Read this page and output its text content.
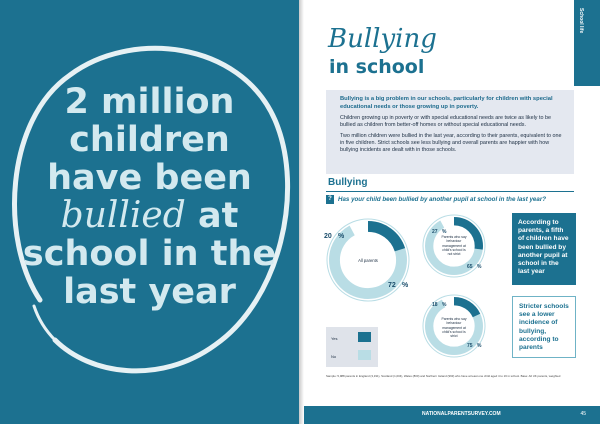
2 million
children
have been
bullied at
school in the
last year
School life
Bullying
in school

Bullying is a big problem in our schools, particularly for children with special educational needs or those growing up in poverty.

Children growing up in poverty or with special educational needs are twice as likely to be bullied as children from better-off homes or without special educational needs.

Two million children were bullied in the last year, according to their parents, equivalent to one in five children. Strict schools see less bullying and overall parents are happier with how bullying incidents are dealt with in those schools.

Bullying
? Has your child been bullied by another pupil at school in the last year?
All parents
20 %
72 %
Parents who say behaviour management at child's school is not strict
27 %
65 %
Parents who say behaviour management at child's school is strict
18 %
75 %
According to parents, a fifth of children have been bullied by another pupil at school in the last year
Stricter schools see a lower incidence of bullying, according to parents
Yes
No
Sample: 5,988 parents in England (3,191), Scotland (1,004), Wales (800) and Northern Ireland (993) who have at least one child aged 4 to 16 in school. Base: All UK parents, weighted
NATIONALPARENTSURVEY.COM	45
